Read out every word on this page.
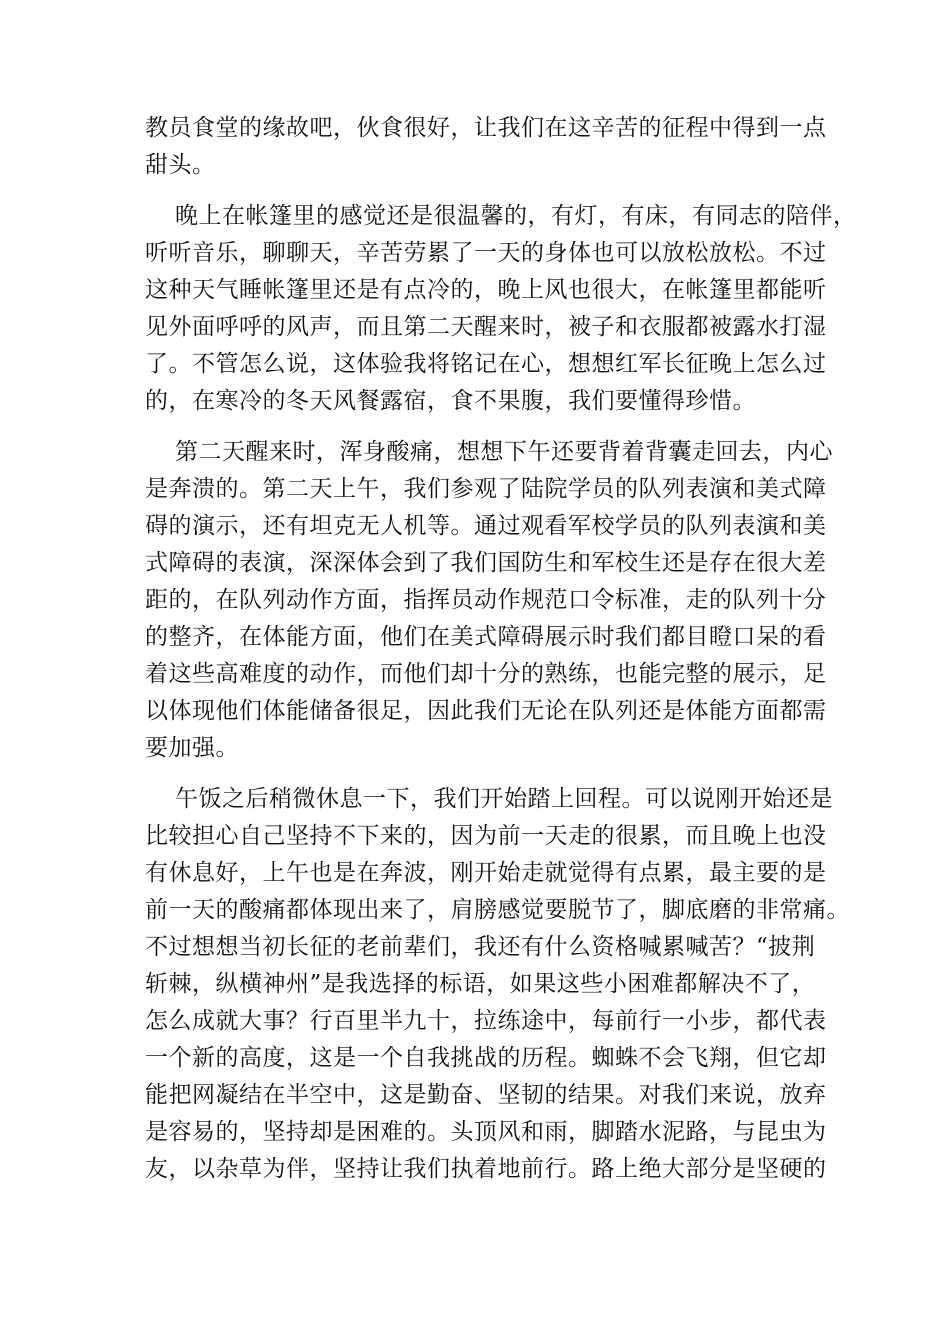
教员食堂的缘故吧，伙食很好，让我们在这辛苦的征程中得到一点
甜头。
晚上在帐篷里的感觉还是很温馨的，有灯，有床，有同志的陪伴，
听听音乐，聊聊天，辛苦劳累了一天的身体也可以放松放松。不过
这种天气睡帐篷里还是有点冷的，晚上风也很大，在帐篷里都能听
见外面呼呼的风声，而且第二天醒来时，被子和衣服都被露水打湿
了。不管怎么说，这体验我将铭记在心，想想红军长征晚上怎么过
的，在寒冷的冬天风餐露宿，食不果腹，我们要懂得珍惜。
第二天醒来时，浑身酸痛，想想下午还要背着背囊走回去，内心
是奔溃的。第二天上午，我们参观了陆院学员的队列表演和美式障
碍的演示，还有坦克无人机等。通过观看军校学员的队列表演和美
式障碍的表演，深深体会到了我们国防生和军校生还是存在很大差
距的，在队列动作方面，指挥员动作规范口令标准，走的队列十分
的整齐，在体能方面，他们在美式障碍展示时我们都目瞪口呆的看
着这些高难度的动作，而他们却十分的熟练，也能完整的展示，足
以体现他们体能储备很足，因此我们无论在队列还是体能方面都需
要加强。
午饭之后稍微休息一下，我们开始踏上回程。可以说刚开始还是
比较担心自己坚持不下来的，因为前一天走的很累，而且晚上也没
有休息好，上午也是在奔波，刚开始走就觉得有点累，最主要的是
前一天的酸痛都体现出来了，肩膀感觉要脱节了，脚底磨的非常痛。
不过想想当初长征的老前辈们，我还有什么资格喊累喊苦？“披荆
斩棘，纵横神州”是我选择的标语，如果这些小困难都解决不了，
怎么成就大事？行百里半九十，拉练途中，每前行一小步，都代表
一个新的高度，这是一个自我挑战的历程。蜘蛛不会飞翔，但它却
能把网凝结在半空中，这是勤奋、坚韧的结果。对我们来说，放弃
是容易的，坚持却是困难的。头顶风和雨，脚踏水泥路，与昆虫为
友，以杂草为伴，坚持让我们执着地前行。路上绝大部分是坚硬的
